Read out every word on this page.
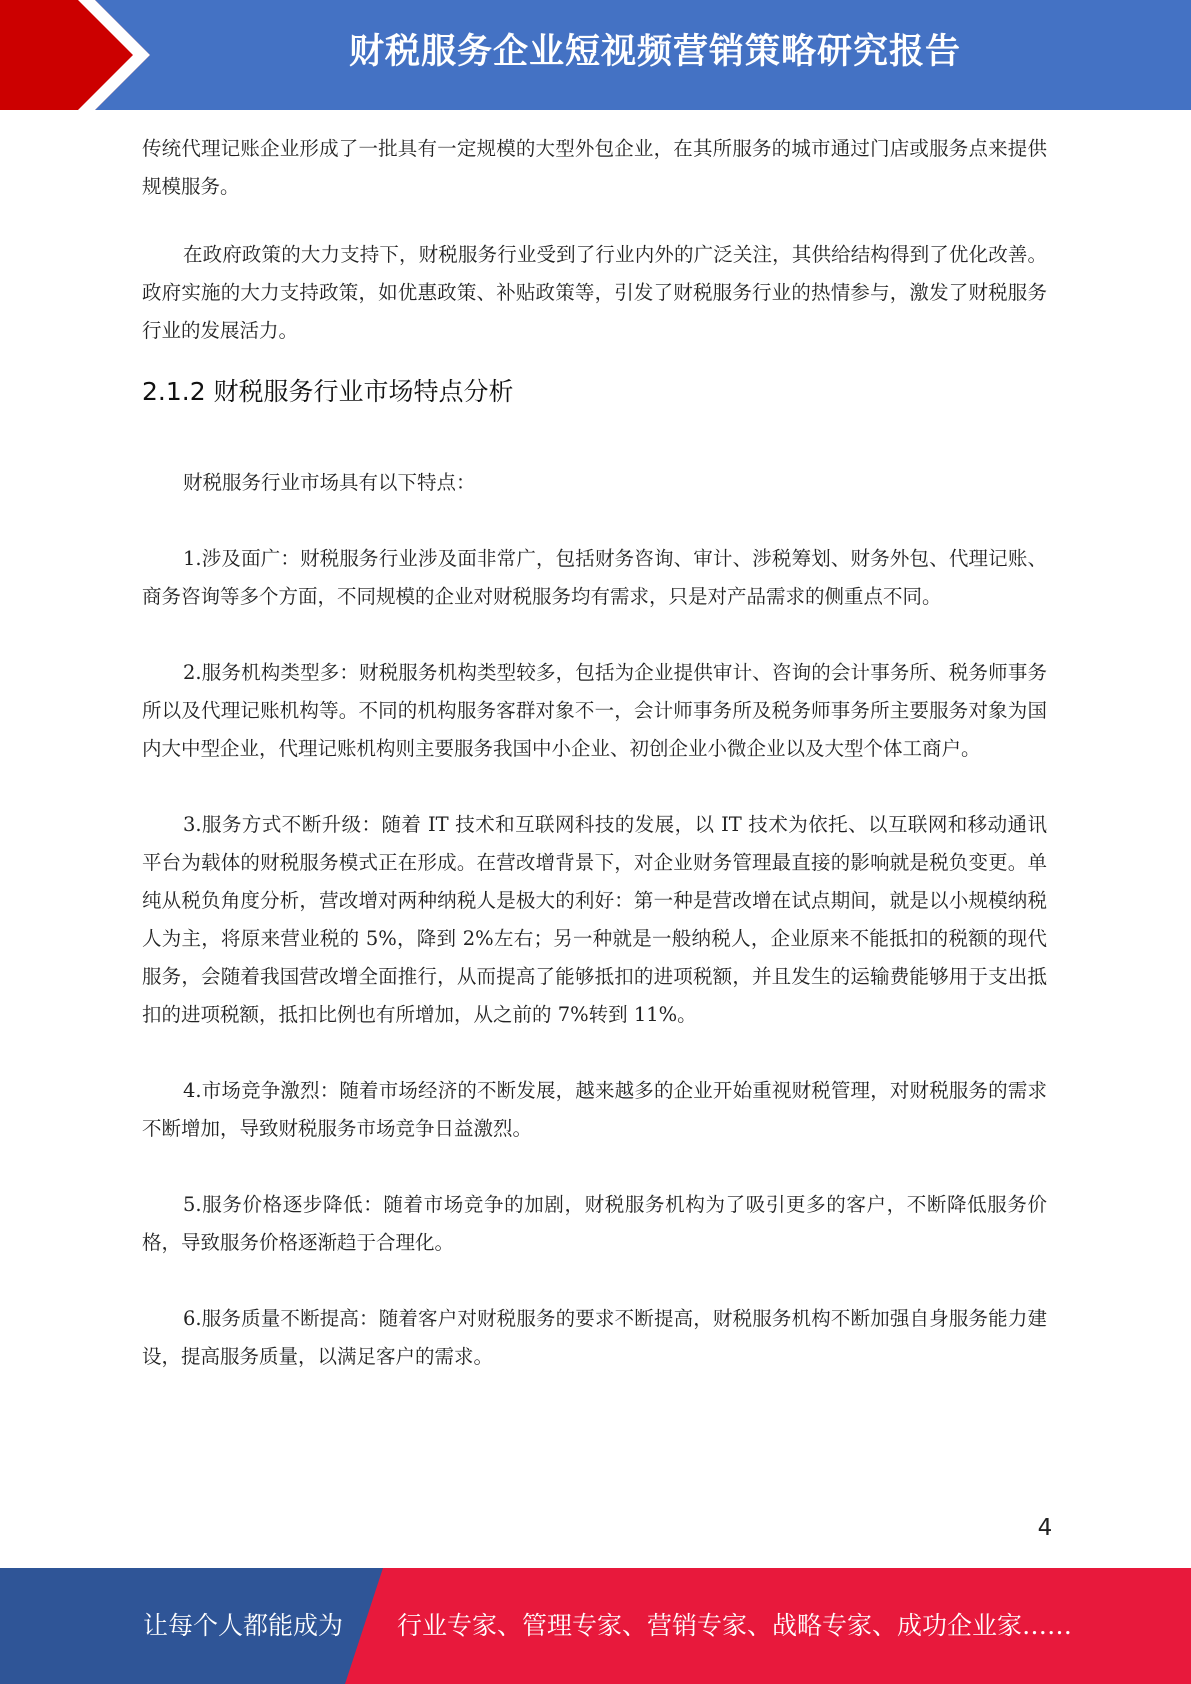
财税服务企业短视频营销策略研究报告

传统代理记账企业形成了一批具有一定规模的大型外包企业，在其所服务的城市通过门店或服务点来提供规模服务。

在政府政策的大力支持下，财税服务行业受到了行业内外的广泛关注，其供给结构得到了优化改善。政府实施的大力支持政策，如优惠政策、补贴政策等，引发了财税服务行业的热情参与，激发了财税服务行业的发展活力。

2.1.2 财税服务行业市场特点分析

财税服务行业市场具有以下特点：

1.涉及面广：财税服务行业涉及面非常广，包括财务咨询、审计、涉税筹划、财务外包、代理记账、商务咨询等多个方面，不同规模的企业对财税服务均有需求，只是对产品需求的侧重点不同。

2.服务机构类型多：财税服务机构类型较多，包括为企业提供审计、咨询的会计事务所、税务师事务所以及代理记账机构等。不同的机构服务客群对象不一，会计师事务所及税务师事务所主要服务对象为国内大中型企业，代理记账机构则主要服务我国中小企业、初创企业小微企业以及大型个体工商户。

3.服务方式不断升级：随着 IT 技术和互联网科技的发展，以 IT 技术为依托、以互联网和移动通讯平台为载体的财税服务模式正在形成。在营改增背景下，对企业财务管理最直接的影响就是税负变更。单纯从税负角度分析，营改增对两种纳税人是极大的利好：第一种是营改增在试点期间，就是以小规模纳税人为主，将原来营业税的 5%，降到 2%左右；另一种就是一般纳税人，企业原来不能抵扣的税额的现代服务，会随着我国营改增全面推行，从而提高了能够抵扣的进项税额，并且发生的运输费能够用于支出抵扣的进项税额，抵扣比例也有所增加，从之前的 7%转到 11%。

4.市场竞争激烈：随着市场经济的不断发展，越来越多的企业开始重视财税管理，对财税服务的需求不断增加，导致财税服务市场竞争日益激烈。

5.服务价格逐步降低：随着市场竞争的加剧，财税服务机构为了吸引更多的客户，不断降低服务价格，导致服务价格逐渐趋于合理化。

6.服务质量不断提高：随着客户对财税服务的要求不断提高，财税服务机构不断加强自身服务能力建设，提高服务质量，以满足客户的需求。

4
让每个人都能成为 行业专家、管理专家、营销专家、战略专家、成功企业家……
